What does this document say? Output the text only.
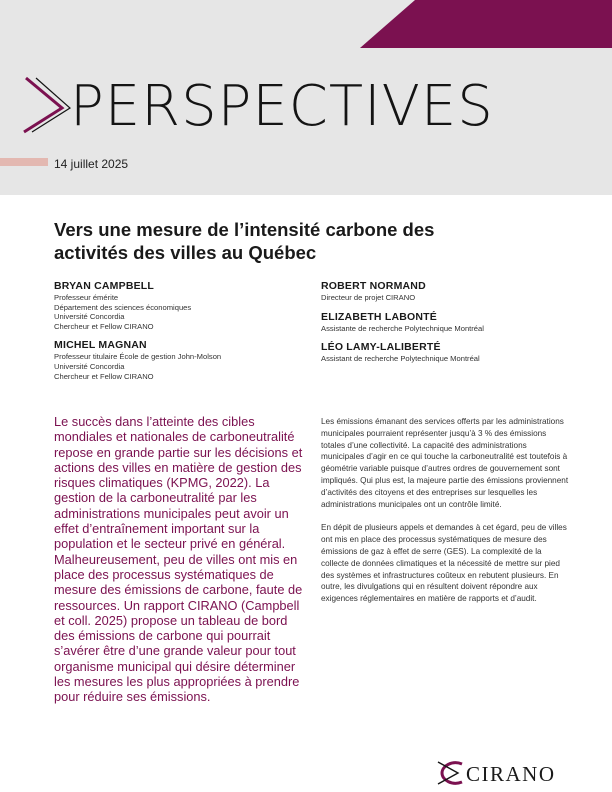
PERSPECTIVES
14 juillet 2025
Vers une mesure de l’intensité carbone des activités des villes au Québec
BRYAN CAMPBELL
Professeur émérite
Département des sciences économiques
Université Concordia
Chercheur et Fellow CIRANO
MICHEL MAGNAN
Professeur titulaire École de gestion John-Molson
Université Concordia
Chercheur et Fellow CIRANO
ROBERT NORMAND
Directeur de projet CIRANO
ELIZABETH LABONTÉ
Assistante de recherche Polytechnique Montréal
LÉO LAMY-LALIBERTÉ
Assistant de recherche Polytechnique Montréal

Le succès dans l’atteinte des cibles mondiales et nationales de carboneutralité repose en grande partie sur les décisions et actions des villes en matière de gestion des risques climatiques (KPMG, 2022). La gestion de la carboneutralité par les administrations municipales peut avoir un effet d’entraînement important sur la population et le secteur privé en général. Malheureusement, peu de villes ont mis en place des processus systématiques de mesure des émissions de carbone, faute de ressources. Un rapport CIRANO (Campbell et coll. 2025) propose un tableau de bord des émissions de carbone qui pourrait s’avérer être d’une grande valeur pour tout organisme municipal qui désire déterminer les mesures les plus appropriées à prendre pour réduire ses émissions.

Les émissions émanant des services offerts par les administrations municipales pourraient représenter jusqu’à 3 % des émissions totales d’une collectivité. La capacité des administrations municipales d’agir en ce qui touche la carboneutralité est toutefois à géométrie variable puisque d’autres ordres de gouvernement sont impliqués. Qui plus est, la majeure partie des émissions proviennent d’activités des citoyens et des entreprises sur lesquelles les administrations municipales ont un contrôle limité.

En dépit de plusieurs appels et demandes à cet égard, peu de villes ont mis en place des processus systématiques de mesure des émissions de gaz à effet de serre (GES). La complexité de la collecte de données climatiques et la nécessité de mettre sur pied des systèmes et infrastructures coûteux en rebutent plusieurs. En outre, les divulgations qui en résultent doivent répondre aux exigences réglementaires en matière de rapports et d’audit.

CIRANO
